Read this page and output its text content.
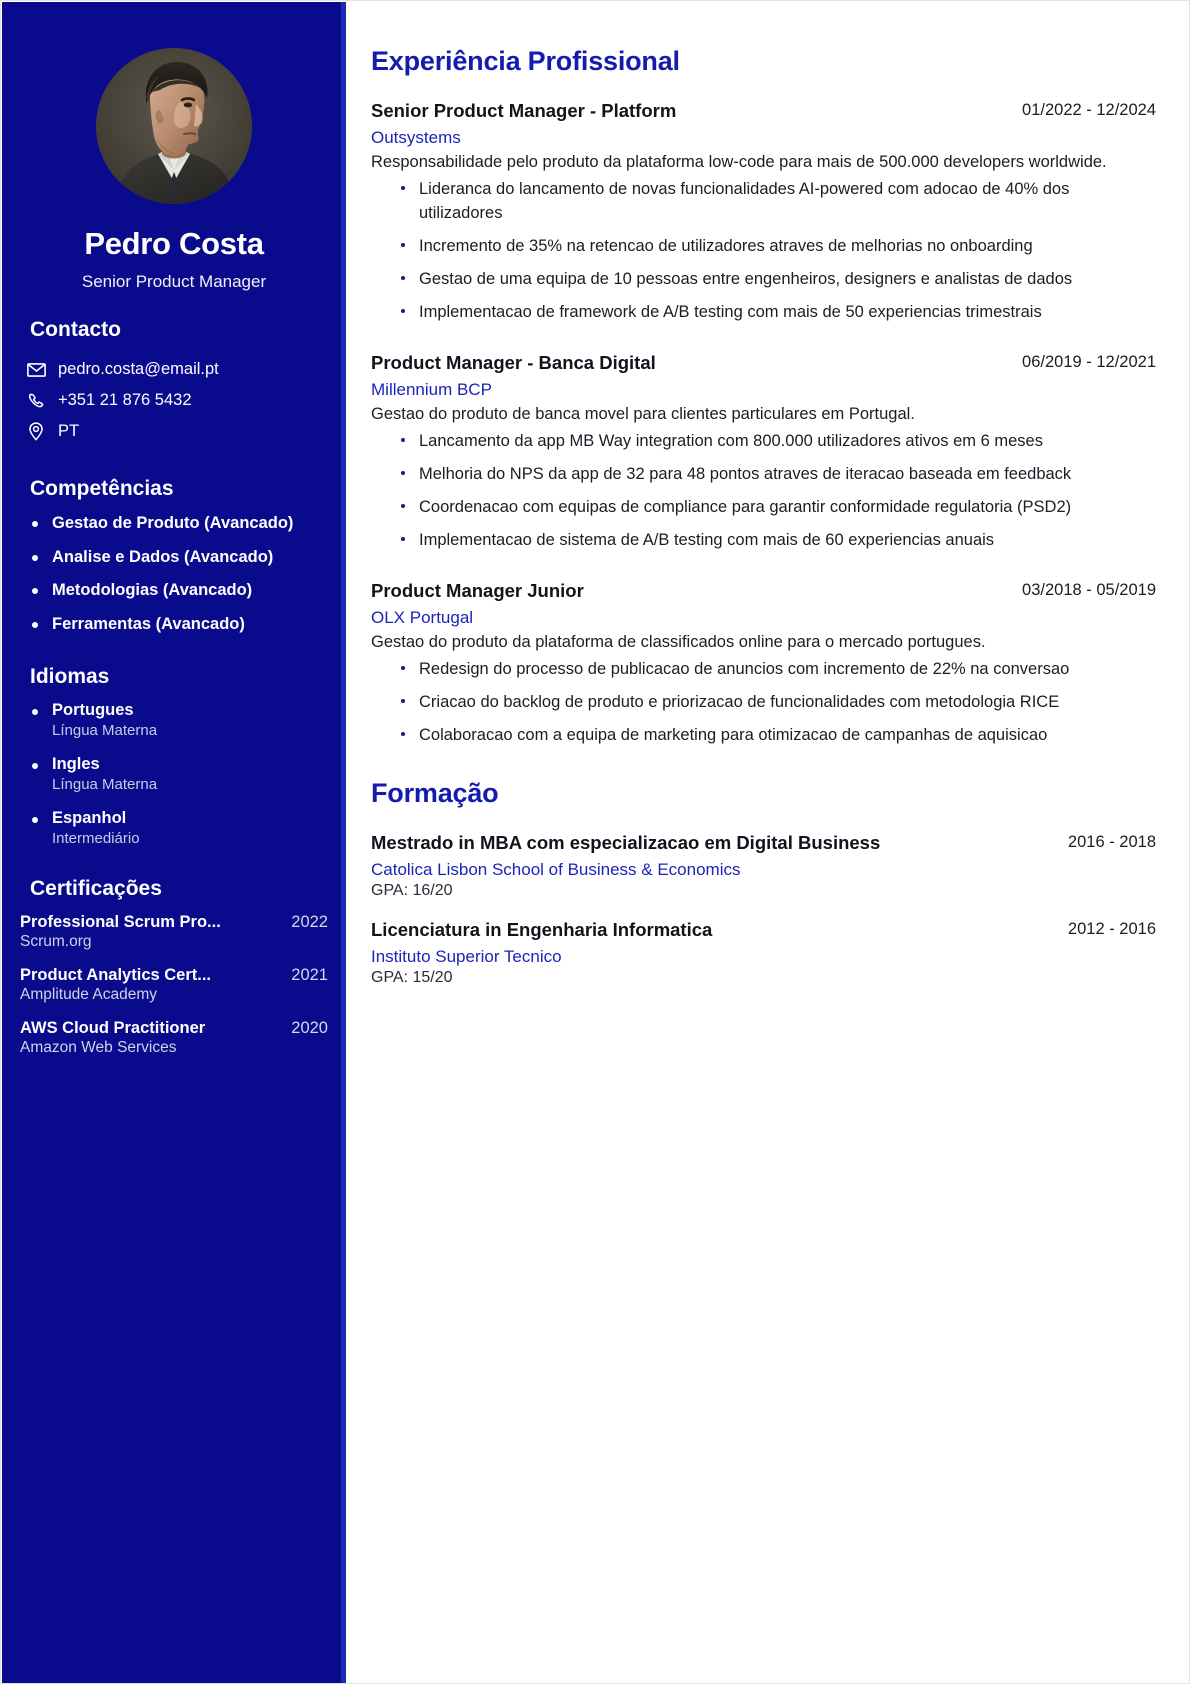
Pedro Costa
Senior Product Manager
Contacto
pedro.costa@email.pt
+351 21 876 5432
PT
Competências
Gestao de Produto (Avancado)
Analise e Dados (Avancado)
Metodologias (Avancado)
Ferramentas (Avancado)
Idiomas
Portugues
Língua Materna
Ingles
Língua Materna
Espanhol
Intermediário
Certificações
Professional Scrum Pro...	2022
Scrum.org
Product Analytics Cert...	2021
Amplitude Academy
AWS Cloud Practitioner	2020
Amazon Web Services
Experiência Profissional
Senior Product Manager - Platform	01/2022 - 12/2024
Outsystems
Responsabilidade pelo produto da plataforma low-code para mais de 500.000 developers worldwide.
Lideranca do lancamento de novas funcionalidades AI-powered com adocao de 40% dos utilizadores
Incremento de 35% na retencao de utilizadores atraves de melhorias no onboarding
Gestao de uma equipa de 10 pessoas entre engenheiros, designers e analistas de dados
Implementacao de framework de A/B testing com mais de 50 experiencias trimestrais
Product Manager - Banca Digital	06/2019 - 12/2021
Millennium BCP
Gestao do produto de banca movel para clientes particulares em Portugal.
Lancamento da app MB Way integration com 800.000 utilizadores ativos em 6 meses
Melhoria do NPS da app de 32 para 48 pontos atraves de iteracao baseada em feedback
Coordenacao com equipas de compliance para garantir conformidade regulatoria (PSD2)
Implementacao de sistema de A/B testing com mais de 60 experiencias anuais
Product Manager Junior	03/2018 - 05/2019
OLX Portugal
Gestao do produto da plataforma de classificados online para o mercado portugues.
Redesign do processo de publicacao de anuncios com incremento de 22% na conversao
Criacao do backlog de produto e priorizacao de funcionalidades com metodologia RICE
Colaboracao com a equipa de marketing para otimizacao de campanhas de aquisicao
Formação
Mestrado in MBA com especializacao em Digital Business	2016 - 2018
Catolica Lisbon School of Business & Economics
GPA: 16/20
Licenciatura in Engenharia Informatica	2012 - 2016
Instituto Superior Tecnico
GPA: 15/20
